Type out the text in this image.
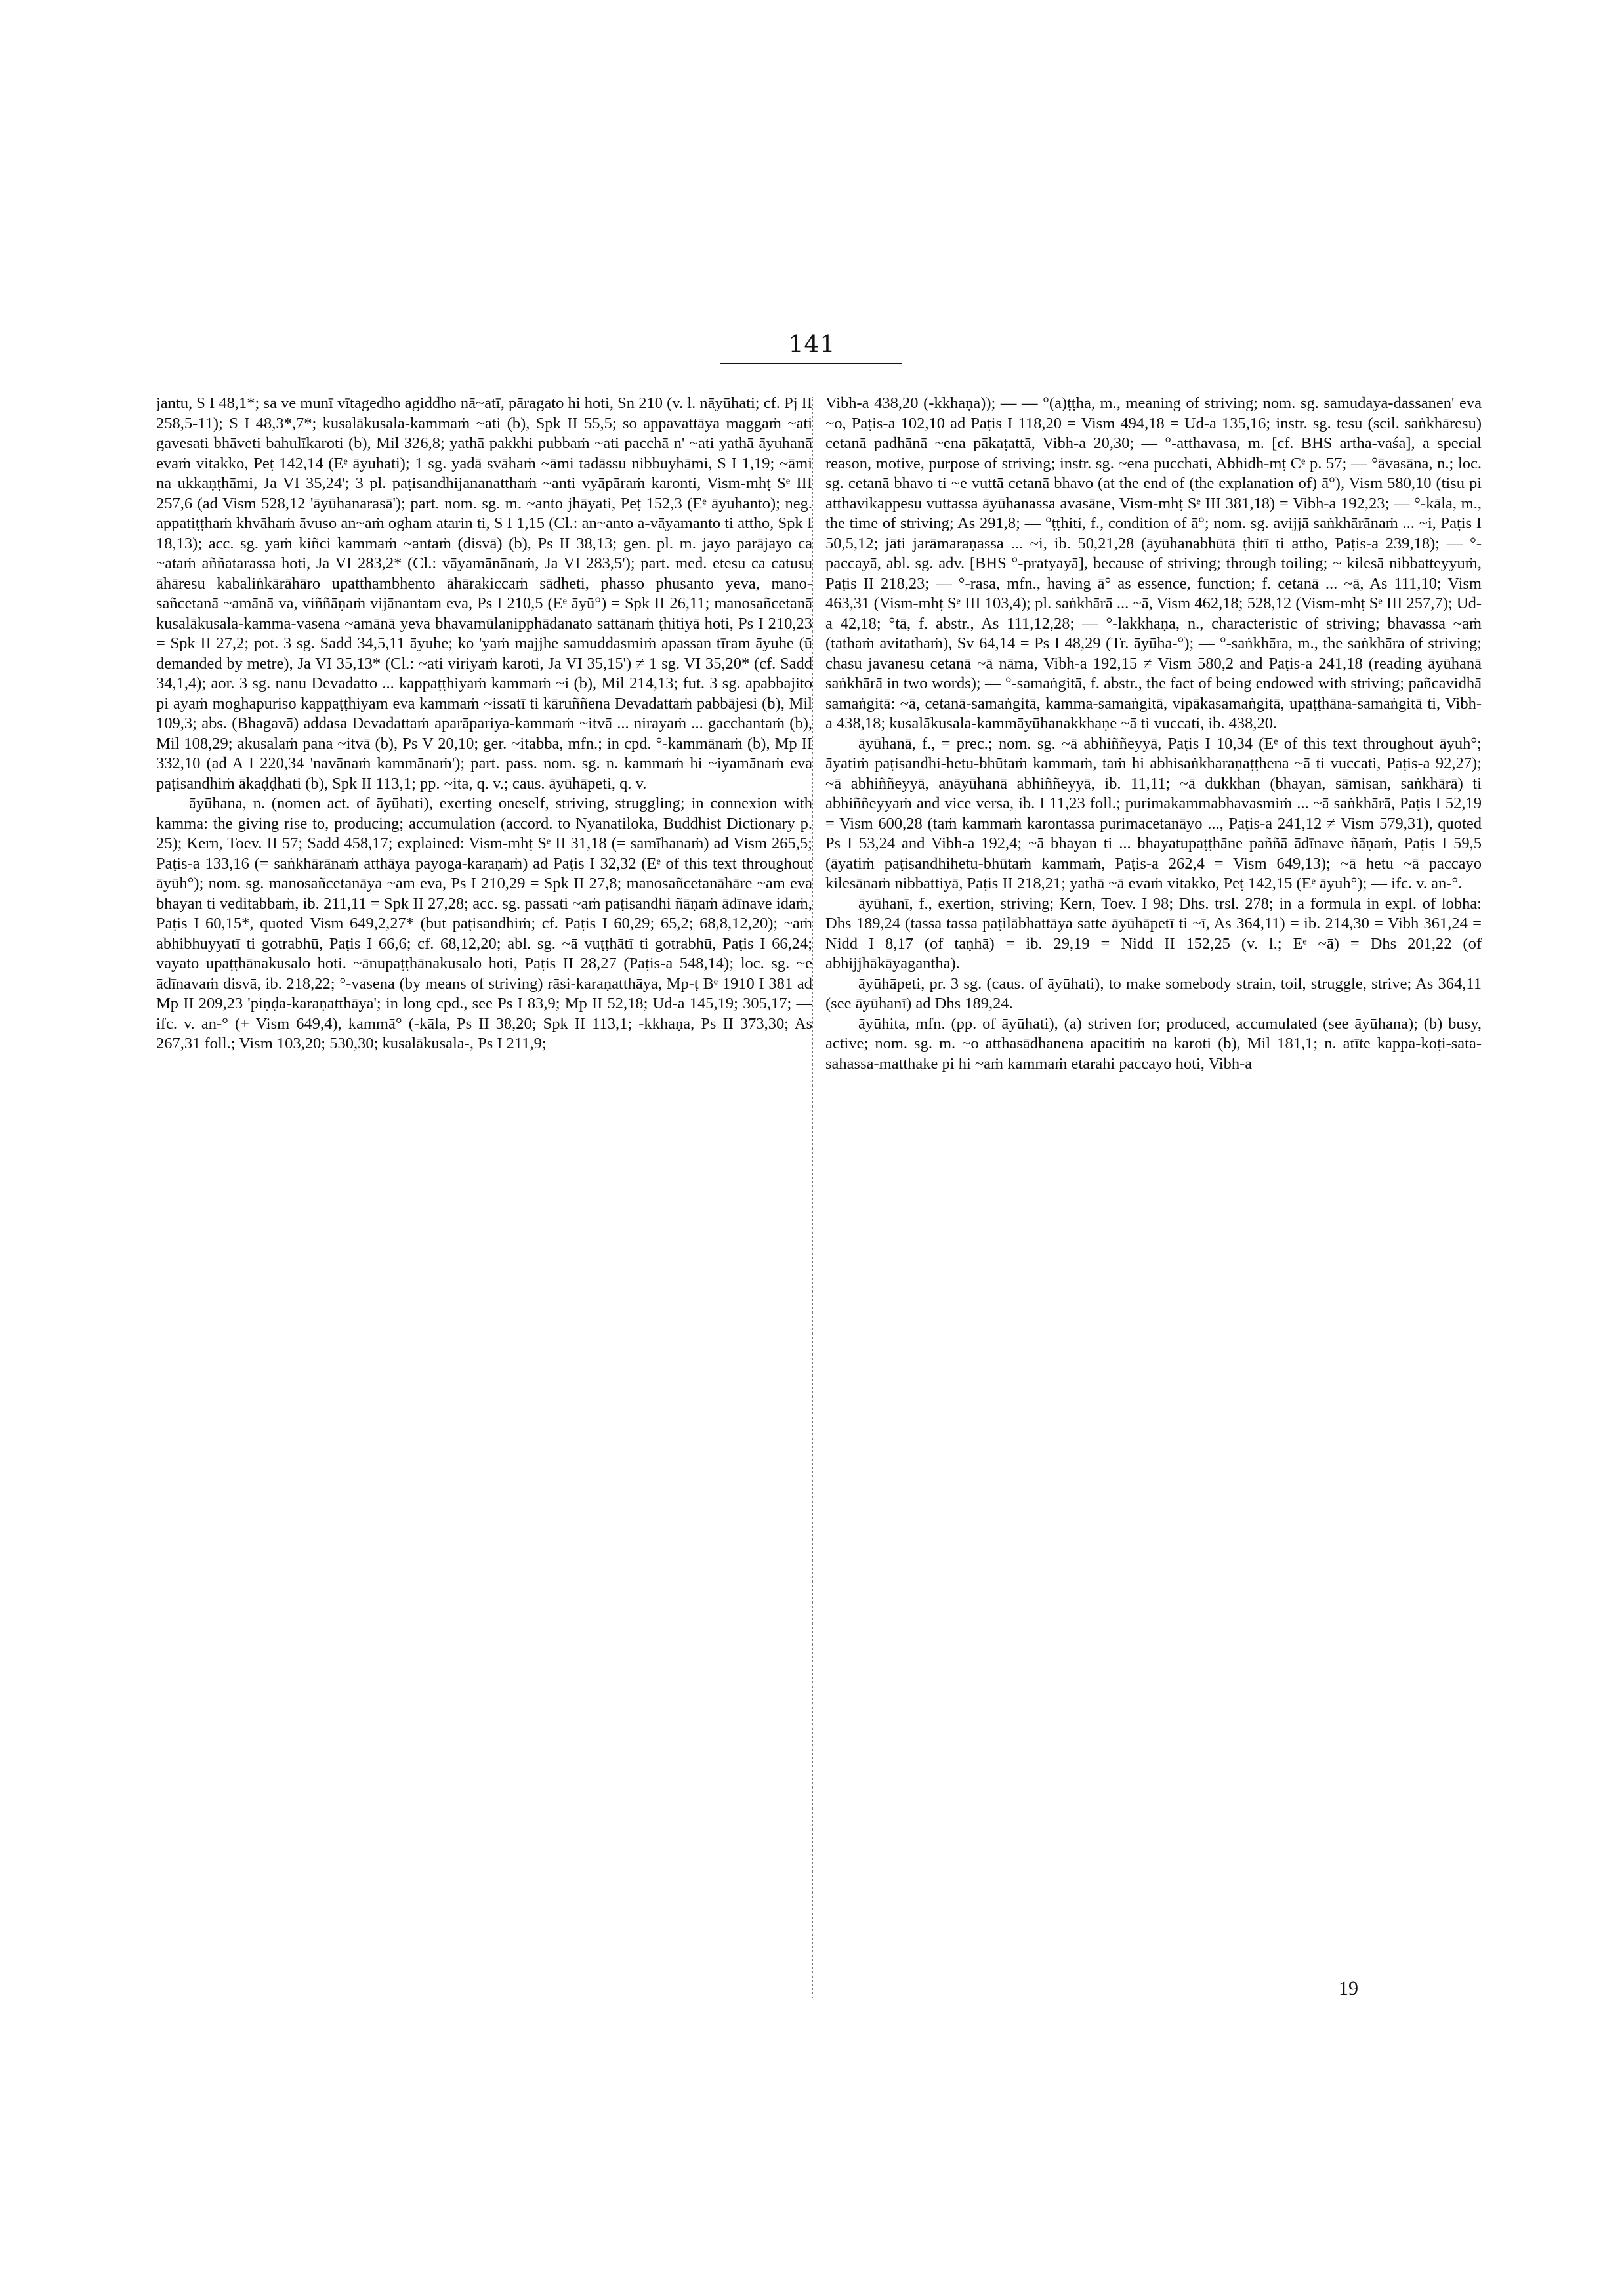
141

jantu, S I 48,1*; sa ve munī vītagedho agiddho nā~atī, pāragato hi hoti, Sn 210 (v. l. nāyūhati; cf. Pj II 258,5-11); S I 48,3*,7*; kusalākusala-kammaṁ ~ati (b), Spk II 55,5; so appavattāya maggaṁ ~ati gavesati bhāveti bahulīkaroti (b), Mil 326,8; yathā pakkhi pubbaṁ ~ati pacchā n' ~ati yathā āyuhanā evaṁ vitakko, Peṭ 142,14 (Eᵉ āyuhati); 1 sg. yadā svāhaṁ ~āmi tadāssu nibbuyhāmi, S I 1,19; ~āmi na ukkaṇṭhāmi, Ja VI 35,24'; 3 pl. paṭisandhijananatthaṁ ~anti vyāpāraṁ karonti, Vism-mhṭ Sᵉ III 257,6 (ad Vism 528,12 'āyūhanarasā'); part. nom. sg. m. ~anto jhāyati, Peṭ 152,3 (Eᵉ āyuhanto); neg. appatiṭṭhaṁ khvāhaṁ āvuso an~aṁ ogham atarin ti, S I 1,15 (Cl.: an~anto a-vāyamanto ti attho, Spk I 18,13); acc. sg. yaṁ kiñci kammaṁ ~antaṁ (disvā) (b), Ps II 38,13; gen. pl. m. jayo parājayo ca ~ataṁ aññatarassa hoti, Ja VI 283,2* (Cl.: vāyamānānaṁ, Ja VI 283,5'); part. med. etesu ca catusu āhāresu kabaliṅkārāhāro upatthambhento āhārakiccaṁ sādheti, phasso phusanto yeva, mano-sañcetanā ~amānā va, viññāṇaṁ vijānantam eva, Ps I 210,5 (Eᵉ āyū°) = Spk II 26,11; manosañcetanā kusalākusala-kamma-vasena ~amānā yeva bhavamūlanipphādanato sattānaṁ ṭhitiyā hoti, Ps I 210,23 = Spk II 27,2; pot. 3 sg. Sadd 34,5,11 āyuhe; ko 'yaṁ majjhe samuddasmiṁ apassan tīram āyuhe (ū demanded by metre), Ja VI 35,13* (Cl.: ~ati viriyaṁ karoti, Ja VI 35,15') ≠ 1 sg. VI 35,20* (cf. Sadd 34,1,4); aor. 3 sg. nanu Devadatto ... kappaṭṭhiyaṁ kammaṁ ~i (b), Mil 214,13; fut. 3 sg. apabbajito pi ayaṁ moghapuriso kappaṭṭhiyam eva kammaṁ ~issatī ti kāruññena Devadattaṁ pabbājesi (b), Mil 109,3; abs. (Bhagavā) addasa Devadattaṁ aparāpariya-kammaṁ ~itvā ... nirayaṁ ... gacchantaṁ (b), Mil 108,29; akusalaṁ pana ~itvā (b), Ps V 20,10; ger. ~itabba, mfn.; in cpd. °-kammānaṁ (b), Mp II 332,10 (ad A I 220,34 'navānaṁ kammānaṁ'); part. pass. nom. sg. n. kammaṁ hi ~iyamānaṁ eva paṭisandhiṁ ākaḍḍhati (b), Spk II 113,1; pp. ~ita, q. v.; caus. āyūhāpeti, q. v.

āyūhana, n. (nomen act. of āyūhati), exerting oneself, striving, struggling; in connexion with kamma: the giving rise to, producing; accumulation (accord. to Nyanatiloka, Buddhist Dictionary p. 25); Kern, Toev. II 57; Sadd 458,17; explained: Vism-mhṭ Sᵉ II 31,18 (= samīhanaṁ) ad Vism 265,5; Paṭis-a 133,16 (= saṅkhārānaṁ atthāya payoga-karaṇaṁ) ad Paṭis I 32,32 (Eᵉ of this text throughout āyūh°); nom. sg. manosañcetanāya ~am eva, Ps I 210,29 = Spk II 27,8; manosañcetanāhāre ~am eva bhayan ti veditabbaṁ, ib. 211,11 = Spk II 27,28; acc. sg. passati ~aṁ paṭisandhi ñāṇaṁ ādīnave idaṁ, Paṭis I 60,15*, quoted Vism 649,2,27* (but paṭisandhiṁ; cf. Paṭis I 60,29; 65,2; 68,8,12,20); ~aṁ abhibhuyyatī ti gotrabhū, Paṭis I 66,6; cf. 68,12,20; abl. sg. ~ā vuṭṭhātī ti gotrabhū, Paṭis I 66,24; vayato upaṭṭhānakusalo hoti. ~ānupaṭṭhānakusalo hoti, Paṭis II 28,27 (Paṭis-a 548,14); loc. sg. ~e ādīnavaṁ disvā, ib. 218,22; °-vasena (by means of striving) rāsi-karaṇatthāya, Mp-ṭ Bᵉ 1910 I 381 ad Mp II 209,23 'piṇḍa-karaṇatthāya'; in long cpd., see Ps I 83,9; Mp II 52,18; Ud-a 145,19; 305,17; — ifc. v. an-° (+ Vism 649,4), kammā° (-kāla, Ps II 38,20; Spk II 113,1; -kkhaṇa, Ps II 373,30; As 267,31 foll.; Vism 103,20; 530,30; kusalākusala-, Ps I 211,9;

Vibh-a 438,20 (-kkhaṇa)); — — °(a)ṭṭha, m., meaning of striving; nom. sg. samudaya-dassanen' eva ~o, Paṭis-a 102,10 ad Paṭis I 118,20 = Vism 494,18 = Ud-a 135,16; instr. sg. tesu (scil. saṅkhāresu) cetanā padhānā ~ena pākaṭattā, Vibh-a 20,30; — °-atthavasa, m. [cf. BHS artha-vaśa], a special reason, motive, purpose of striving; instr. sg. ~ena pucchati, Abhidh-mṭ Cᵉ p. 57; — °āvasāna, n.; loc. sg. cetanā bhavo ti ~e vuttā cetanā bhavo (at the end of (the explanation of) ā°), Vism 580,10 (tisu pi atthavikappesu vuttassa āyūhanassa avasāne, Vism-mhṭ Sᵉ III 381,18) = Vibh-a 192,23; — °-kāla, m., the time of striving; As 291,8; — °ṭṭhiti, f., condition of ā°; nom. sg. avijjā saṅkhārānaṁ ... ~i, Paṭis I 50,5,12; jāti jarāmaraṇassa ... ~i, ib. 50,21,28 (āyūhanabhūtā ṭhitī ti attho, Paṭis-a 239,18); — °-paccayā, abl. sg. adv. [BHS °-pratyayā], because of striving; through toiling; ~ kilesā nibbatteyyuṁ, Paṭis II 218,23; — °-rasa, mfn., having ā° as essence, function; f. cetanā ... ~ā, As 111,10; Vism 463,31 (Vism-mhṭ Sᵉ III 103,4); pl. saṅkhārā ... ~ā, Vism 462,18; 528,12 (Vism-mhṭ Sᵉ III 257,7); Ud-a 42,18; °tā, f. abstr., As 111,12,28; — °-lakkhaṇa, n., characteristic of striving; bhavassa ~aṁ (tathaṁ avitathaṁ), Sv 64,14 = Ps I 48,29 (Tr. āyūha-°); — °-saṅkhāra, m., the saṅkhāra of striving; chasu javanesu cetanā ~ā nāma, Vibh-a 192,15 ≠ Vism 580,2 and Paṭis-a 241,18 (reading āyūhanā saṅkhārā in two words); — °-samaṅgitā, f. abstr., the fact of being endowed with striving; pañcavidhā samaṅgitā: ~ā, cetanā-samaṅgitā, kamma-samaṅgitā, vipākasamaṅgitā, upaṭṭhāna-samaṅgitā ti, Vibh-a 438,18; kusalākusala-kammāyūhanakkhaṇe ~ā ti vuccati, ib. 438,20.

āyūhanā, f., = prec.; nom. sg. ~ā abhiññeyyā, Paṭis I 10,34 (Eᵉ of this text throughout āyuh°; āyatiṁ paṭisandhi-hetu-bhūtaṁ kammaṁ, taṁ hi abhisaṅkharaṇaṭṭhena ~ā ti vuccati, Paṭis-a 92,27); ~ā abhiññeyyā, anāyūhanā abhiññeyyā, ib. 11,11; ~ā dukkhan (bhayan, sāmisan, saṅkhārā) ti abhiññeyyaṁ and vice versa, ib. I 11,23 foll.; purimakammabhavasmiṁ ... ~ā saṅkhārā, Paṭis I 52,19 = Vism 600,28 (taṁ kammaṁ karontassa purimacetanāyo ..., Paṭis-a 241,12 ≠ Vism 579,31), quoted Ps I 53,24 and Vibh-a 192,4; ~ā bhayan ti ... bhayatupaṭṭhāne paññā ādīnave ñāṇaṁ, Paṭis I 59,5 (āyatiṁ paṭisandhihetu-bhūtaṁ kammaṁ, Paṭis-a 262,4 = Vism 649,13); ~ā hetu ~ā paccayo kilesānaṁ nibbattiyā, Paṭis II 218,21; yathā ~ā evaṁ vitakko, Peṭ 142,15 (Eᵉ āyuh°); — ifc. v. an-°.

āyūhanī, f., exertion, striving; Kern, Toev. I 98; Dhs. trsl. 278; in a formula in expl. of lobha: Dhs 189,24 (tassa tassa paṭilābhattāya satte āyūhāpetī ti ~ī, As 364,11) = ib. 214,30 = Vibh 361,24 = Nidd I 8,17 (of taṇhā) = ib. 29,19 = Nidd II 152,25 (v. l.; Eᵉ ~ā) = Dhs 201,22 (of abhijjhākāyagantha).

āyūhāpeti, pr. 3 sg. (caus. of āyūhati), to make somebody strain, toil, struggle, strive; As 364,11 (see āyūhanī) ad Dhs 189,24.

āyūhita, mfn. (pp. of āyūhati), (a) striven for; produced, accumulated (see āyūhana); (b) busy, active; nom. sg. m. ~o atthasādhanena apacitiṁ na karoti (b), Mil 181,1; n. atīte kappa-koṭi-sata-sahassa-matthake pi hi ~aṁ kammaṁ etarahi paccayo hoti, Vibh-a

19
